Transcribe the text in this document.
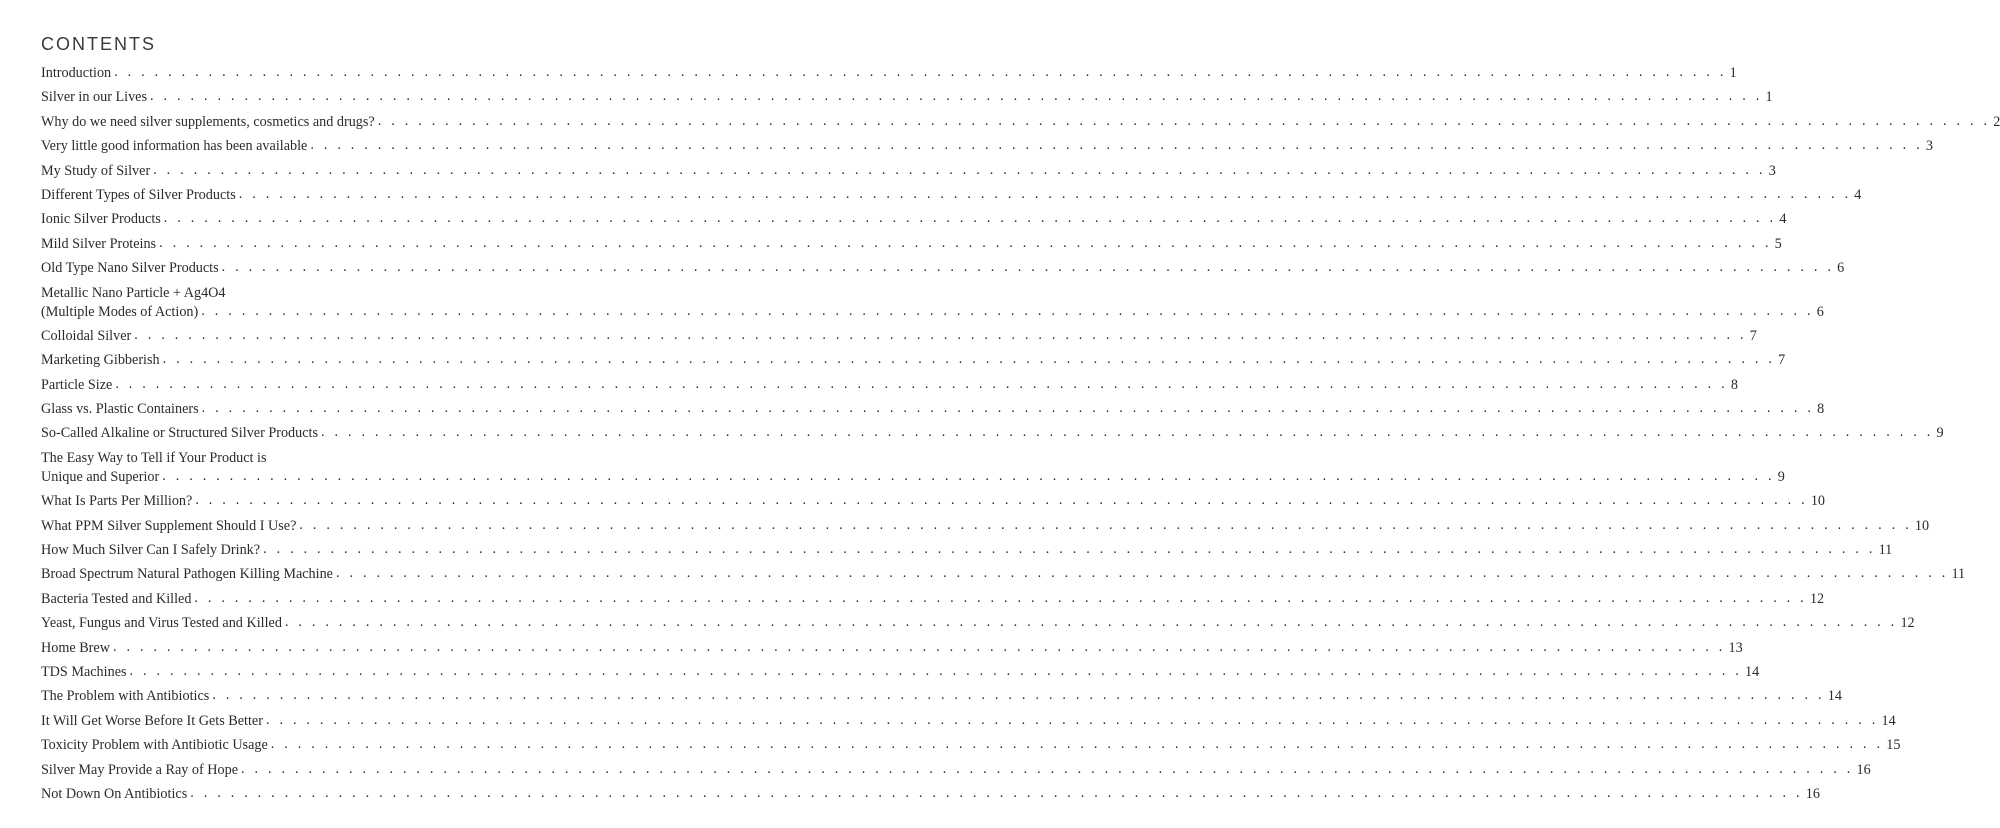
CONTENTS
Introduction . . . . . . . . . . . . . . . . . . . . . . . . . . . . . . . . . . . . . . . . . . . . . . . . . . . . . . . . . . . . . . . . . . . . . . . . . . . . . . . . . . . . . . . . . . . . . . . . . . . . . . . . . . . . . . . . . . . . . . . . 1
Silver in our Lives . . . . . . . . . . . . . . . . . . . . . . . . . . . . . . . . . . . . . . . . . . . . . . . . . . . . . . . . . . . . . . . . . . . . . . . . . . . . . . . . . . . . . . . . . . . . . . . . . . . . . . . . . . . . . . . . . . . . . . . . 1
Why do we need silver supplements, cosmetics and drugs? . . . . . . . . . . . . . . . . . . . . . . . . . . . . . . . . . . . . . . . . . . . . . . . . . . . . . . . . . . . . . . . . . . . . . . . . . . . . . . . . . . . . . . . . . . . . . . . . . . . . . . . . . . . . . . . . . . . . . . . . 2
Very little good information has been available . . . . . . . . . . . . . . . . . . . . . . . . . . . . . . . . . . . . . . . . . . . . . . . . . . . . . . . . . . . . . . . . . . . . . . . . . . . . . . . . . . . . . . . . . . . . . . . . . . . . . . . . . . . . . . . . . . . . . . . . 3
My Study of Silver . . . . . . . . . . . . . . . . . . . . . . . . . . . . . . . . . . . . . . . . . . . . . . . . . . . . . . . . . . . . . . . . . . . . . . . . . . . . . . . . . . . . . . . . . . . . . . . . . . . . . . . . . . . . . . . . . . . . . . . . 3
Different Types of Silver Products . . . . . . . . . . . . . . . . . . . . . . . . . . . . . . . . . . . . . . . . . . . . . . . . . . . . . . . . . . . . . . . . . . . . . . . . . . . . . . . . . . . . . . . . . . . . . . . . . . . . . . . . . . . . . . . . . . . . . . . . 4
Ionic Silver Products . . . . . . . . . . . . . . . . . . . . . . . . . . . . . . . . . . . . . . . . . . . . . . . . . . . . . . . . . . . . . . . . . . . . . . . . . . . . . . . . . . . . . . . . . . . . . . . . . . . . . . . . . . . . . . . . . . . . . . . . 4
Mild Silver Proteins . . . . . . . . . . . . . . . . . . . . . . . . . . . . . . . . . . . . . . . . . . . . . . . . . . . . . . . . . . . . . . . . . . . . . . . . . . . . . . . . . . . . . . . . . . . . . . . . . . . . . . . . . . . . . . . . . . . . . . . . 5
Old Type Nano Silver Products . . . . . . . . . . . . . . . . . . . . . . . . . . . . . . . . . . . . . . . . . . . . . . . . . . . . . . . . . . . . . . . . . . . . . . . . . . . . . . . . . . . . . . . . . . . . . . . . . . . . . . . . . . . . . . . . . . . . . . . . 6
Metallic Nano Particle + Ag4O4
(Multiple Modes of Action) . . . . . . . . . . . . . . . . . . . . . . . . . . . . . . . . . . . . . . . . . . . . . . . . . . . . . . . . . . . . . . . . . . . . . . . . . . . . . . . . . . . . . . . . . . . . . . . . . . . . . . . . . . . . . . . . . . . . . . . . 6
Colloidal Silver . . . . . . . . . . . . . . . . . . . . . . . . . . . . . . . . . . . . . . . . . . . . . . . . . . . . . . . . . . . . . . . . . . . . . . . . . . . . . . . . . . . . . . . . . . . . . . . . . . . . . . . . . . . . . . . . . . . . . . . . 7
Marketing Gibberish . . . . . . . . . . . . . . . . . . . . . . . . . . . . . . . . . . . . . . . . . . . . . . . . . . . . . . . . . . . . . . . . . . . . . . . . . . . . . . . . . . . . . . . . . . . . . . . . . . . . . . . . . . . . . . . . . . . . . . . . 7
Particle Size . . . . . . . . . . . . . . . . . . . . . . . . . . . . . . . . . . . . . . . . . . . . . . . . . . . . . . . . . . . . . . . . . . . . . . . . . . . . . . . . . . . . . . . . . . . . . . . . . . . . . . . . . . . . . . . . . . . . . . . . 8
Glass vs. Plastic Containers . . . . . . . . . . . . . . . . . . . . . . . . . . . . . . . . . . . . . . . . . . . . . . . . . . . . . . . . . . . . . . . . . . . . . . . . . . . . . . . . . . . . . . . . . . . . . . . . . . . . . . . . . . . . . . . . . . . . . . . . 8
So-Called Alkaline or Structured Silver Products . . . . . . . . . . . . . . . . . . . . . . . . . . . . . . . . . . . . . . . . . . . . . . . . . . . . . . . . . . . . . . . . . . . . . . . . . . . . . . . . . . . . . . . . . . . . . . . . . . . . . . . . . . . . . . . . . . . . . . . . 9
The Easy Way to Tell if Your Product is
Unique and Superior . . . . . . . . . . . . . . . . . . . . . . . . . . . . . . . . . . . . . . . . . . . . . . . . . . . . . . . . . . . . . . . . . . . . . . . . . . . . . . . . . . . . . . . . . . . . . . . . . . . . . . . . . . . . . . . . . . . . . . . . 9
What Is Parts Per Million? . . . . . . . . . . . . . . . . . . . . . . . . . . . . . . . . . . . . . . . . . . . . . . . . . . . . . . . . . . . . . . . . . . . . . . . . . . . . . . . . . . . . . . . . . . . . . . . . . . . . . . . . . . . . . . . . . . . . . . . . 10
What PPM Silver Supplement Should I Use? . . . . . . . . . . . . . . . . . . . . . . . . . . . . . . . . . . . . . . . . . . . . . . . . . . . . . . . . . . . . . . . . . . . . . . . . . . . . . . . . . . . . . . . . . . . . . . . . . . . . . . . . . . . . . . . . . . . . . . . . 10
How Much Silver Can I Safely Drink? . . . . . . . . . . . . . . . . . . . . . . . . . . . . . . . . . . . . . . . . . . . . . . . . . . . . . . . . . . . . . . . . . . . . . . . . . . . . . . . . . . . . . . . . . . . . . . . . . . . . . . . . . . . . . . . . . . . . . . . . 11
Broad Spectrum Natural Pathogen Killing Machine . . . . . . . . . . . . . . . . . . . . . . . . . . . . . . . . . . . . . . . . . . . . . . . . . . . . . . . . . . . . . . . . . . . . . . . . . . . . . . . . . . . . . . . . . . . . . . . . . . . . . . . . . . . . . . . . . . . . . . . . 11
Bacteria Tested and Killed . . . . . . . . . . . . . . . . . . . . . . . . . . . . . . . . . . . . . . . . . . . . . . . . . . . . . . . . . . . . . . . . . . . . . . . . . . . . . . . . . . . . . . . . . . . . . . . . . . . . . . . . . . . . . . . . . . . . . . . . 12
Yeast, Fungus and Virus Tested and Killed . . . . . . . . . . . . . . . . . . . . . . . . . . . . . . . . . . . . . . . . . . . . . . . . . . . . . . . . . . . . . . . . . . . . . . . . . . . . . . . . . . . . . . . . . . . . . . . . . . . . . . . . . . . . . . . . . . . . . . . . 12
Home Brew . . . . . . . . . . . . . . . . . . . . . . . . . . . . . . . . . . . . . . . . . . . . . . . . . . . . . . . . . . . . . . . . . . . . . . . . . . . . . . . . . . . . . . . . . . . . . . . . . . . . . . . . . . . . . . . . . . . . . . . . 13
TDS Machines . . . . . . . . . . . . . . . . . . . . . . . . . . . . . . . . . . . . . . . . . . . . . . . . . . . . . . . . . . . . . . . . . . . . . . . . . . . . . . . . . . . . . . . . . . . . . . . . . . . . . . . . . . . . . . . . . . . . . . . . 14
The Problem with Antibiotics . . . . . . . . . . . . . . . . . . . . . . . . . . . . . . . . . . . . . . . . . . . . . . . . . . . . . . . . . . . . . . . . . . . . . . . . . . . . . . . . . . . . . . . . . . . . . . . . . . . . . . . . . . . . . . . . . . . . . . . . 14
It Will Get Worse Before It Gets Better . . . . . . . . . . . . . . . . . . . . . . . . . . . . . . . . . . . . . . . . . . . . . . . . . . . . . . . . . . . . . . . . . . . . . . . . . . . . . . . . . . . . . . . . . . . . . . . . . . . . . . . . . . . . . . . . . . . . . . . . 14
Toxicity Problem with Antibiotic Usage . . . . . . . . . . . . . . . . . . . . . . . . . . . . . . . . . . . . . . . . . . . . . . . . . . . . . . . . . . . . . . . . . . . . . . . . . . . . . . . . . . . . . . . . . . . . . . . . . . . . . . . . . . . . . . . . . . . . . . . . 15
Silver May Provide a Ray of Hope . . . . . . . . . . . . . . . . . . . . . . . . . . . . . . . . . . . . . . . . . . . . . . . . . . . . . . . . . . . . . . . . . . . . . . . . . . . . . . . . . . . . . . . . . . . . . . . . . . . . . . . . . . . . . . . . . . . . . . . . 16
Not Down On Antibiotics . . . . . . . . . . . . . . . . . . . . . . . . . . . . . . . . . . . . . . . . . . . . . . . . . . . . . . . . . . . . . . . . . . . . . . . . . . . . . . . . . . . . . . . . . . . . . . . . . . . . . . . . . . . . . . . . . . . . . . . . 16
